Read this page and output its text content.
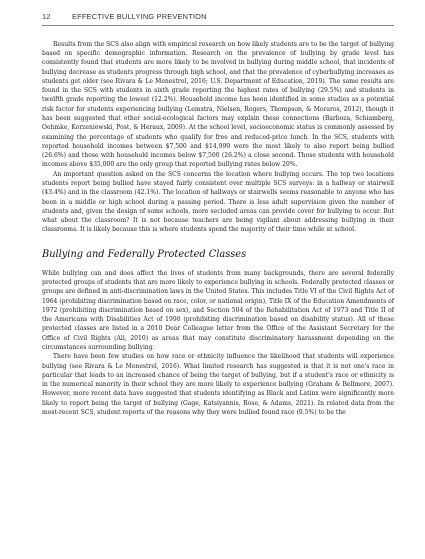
12	EFFECTIVE BULLYING PREVENTION

Results from the SCS also align with empirical research on how likely students are to be the target of bullying based on specific demographic information. Research on the prevalence of bullying by grade level has consistently found that students are more likely to be involved in bullying during middle school, that incidents of bullying decrease as students progress through high school, and that the prevalence of cyberbullying increases as students get older (see Rivara & Le Menestrel, 2016; U.S. Department of Education, 2019). The same results are found in the SCS with students in sixth grade reporting the highest rates of bullying (29.5%) and students in twelfth grade reporting the lowest (12.2%). Household income has been identified in some studies as a potential risk factor for students experiencing bullying (Lemstra, Nielsen, Rogers, Thompson, & Moraros, 2012), though it has been suggested that other social-ecological factors may explain these connections (Barboza, Schiamberg, Oehmke, Korzeniewski, Post, & Heraux, 2009). At the school level, socioeconomic status is commonly assessed by examining the percentage of students who qualify for free and reduced-price lunch. In the SCS, students with reported household incomes between $7,500 and $14,999 were the most likely to also report being bullied (26.6%) and those with household incomes below $7,500 (26.2%) a close second. Those students with household incomes above $35,000 are the only group that reported bullying rates below 20%.

An important question asked on the SCS concerns the location where bullying occurs. The top two locations students report being bullied have stayed fairly consistent over multiple SCS surveys: in a hallway or stairwell (43.4%) and in the classroom (42.1%). The location of hallways or stairwells seems reasonable to anyone who has been in a middle or high school during a passing period. There is less adult supervision given the number of students and, given the design of some schools, more secluded areas can provide cover for bullying to occur. But what about the classroom? It is not because teachers are being vigilant about addressing bullying in their classrooms. It is likely because this is where students spend the majority of their time while at school.

Bullying and Federally Protected Classes

While bullying can and does affect the lives of students from many backgrounds, there are several federally protected groups of students that are more likely to experience bullying in schools. Federally protected classes or groups are defined in anti-discrimination laws in the United States. This includes Title VI of the Civil Rights Act of 1964 (prohibiting discrimination based on race, color, or national origin), Title IX of the Education Amendments of 1972 (prohibiting discrimination based on sex), and Section 504 of the Rehabilitation Act of 1973 and Title II of the Americans with Disabilities Act of 1990 (prohibiting discrimination based on disability status). All of these protected classes are listed in a 2010 Dear Colleague letter from the Office of the Assistant Secretary for the Office of Civil Rights (Ali, 2010) as areas that may constitute discriminatory harassment depending on the circumstances surrounding bullying.

There have been few studies on how race or ethnicity influence the likelihood that students will experience bullying (see Rivara & Le Menestrel, 2016). What limited research has suggested is that it is not one's race in particular that leads to an increased chance of being the target of bullying, but if a student's race or ethnicity is in the numerical minority in their school they are more likely to experience bullying (Graham & Bellmore, 2007). However, more recent data have suggested that students identifying as Black and Latinx were significantly more likely to report being the target of bullying (Gage, Katsiyannis, Rose, & Adams, 2021). In related data from the most-recent SCS, student reports of the reasons why they were bullied found race (9.5%) to be the
